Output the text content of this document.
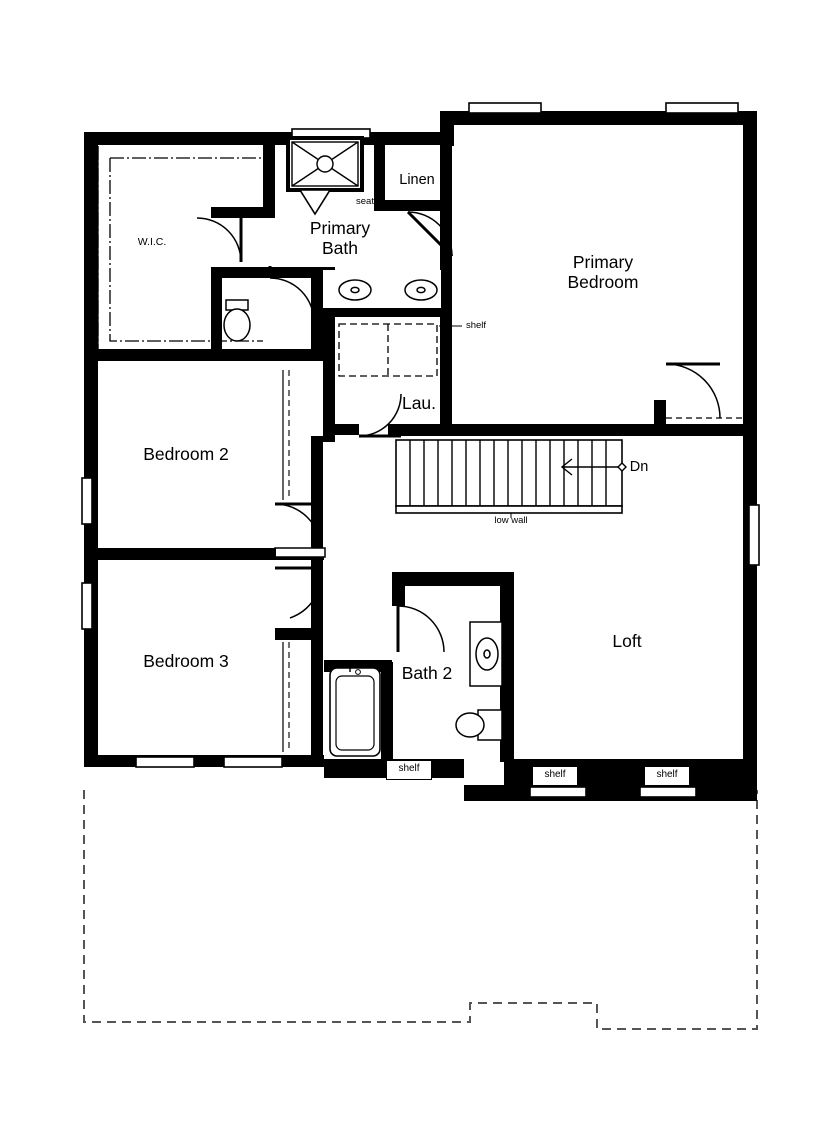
W.I.C.
Primary
Bath
Linen
Primary
Bedroom
Bedroom 2
Bedroom 3
Lau.
Bath 2
Loft
seat
shelf
Dn
low wall
shelf
shelf	shelf
